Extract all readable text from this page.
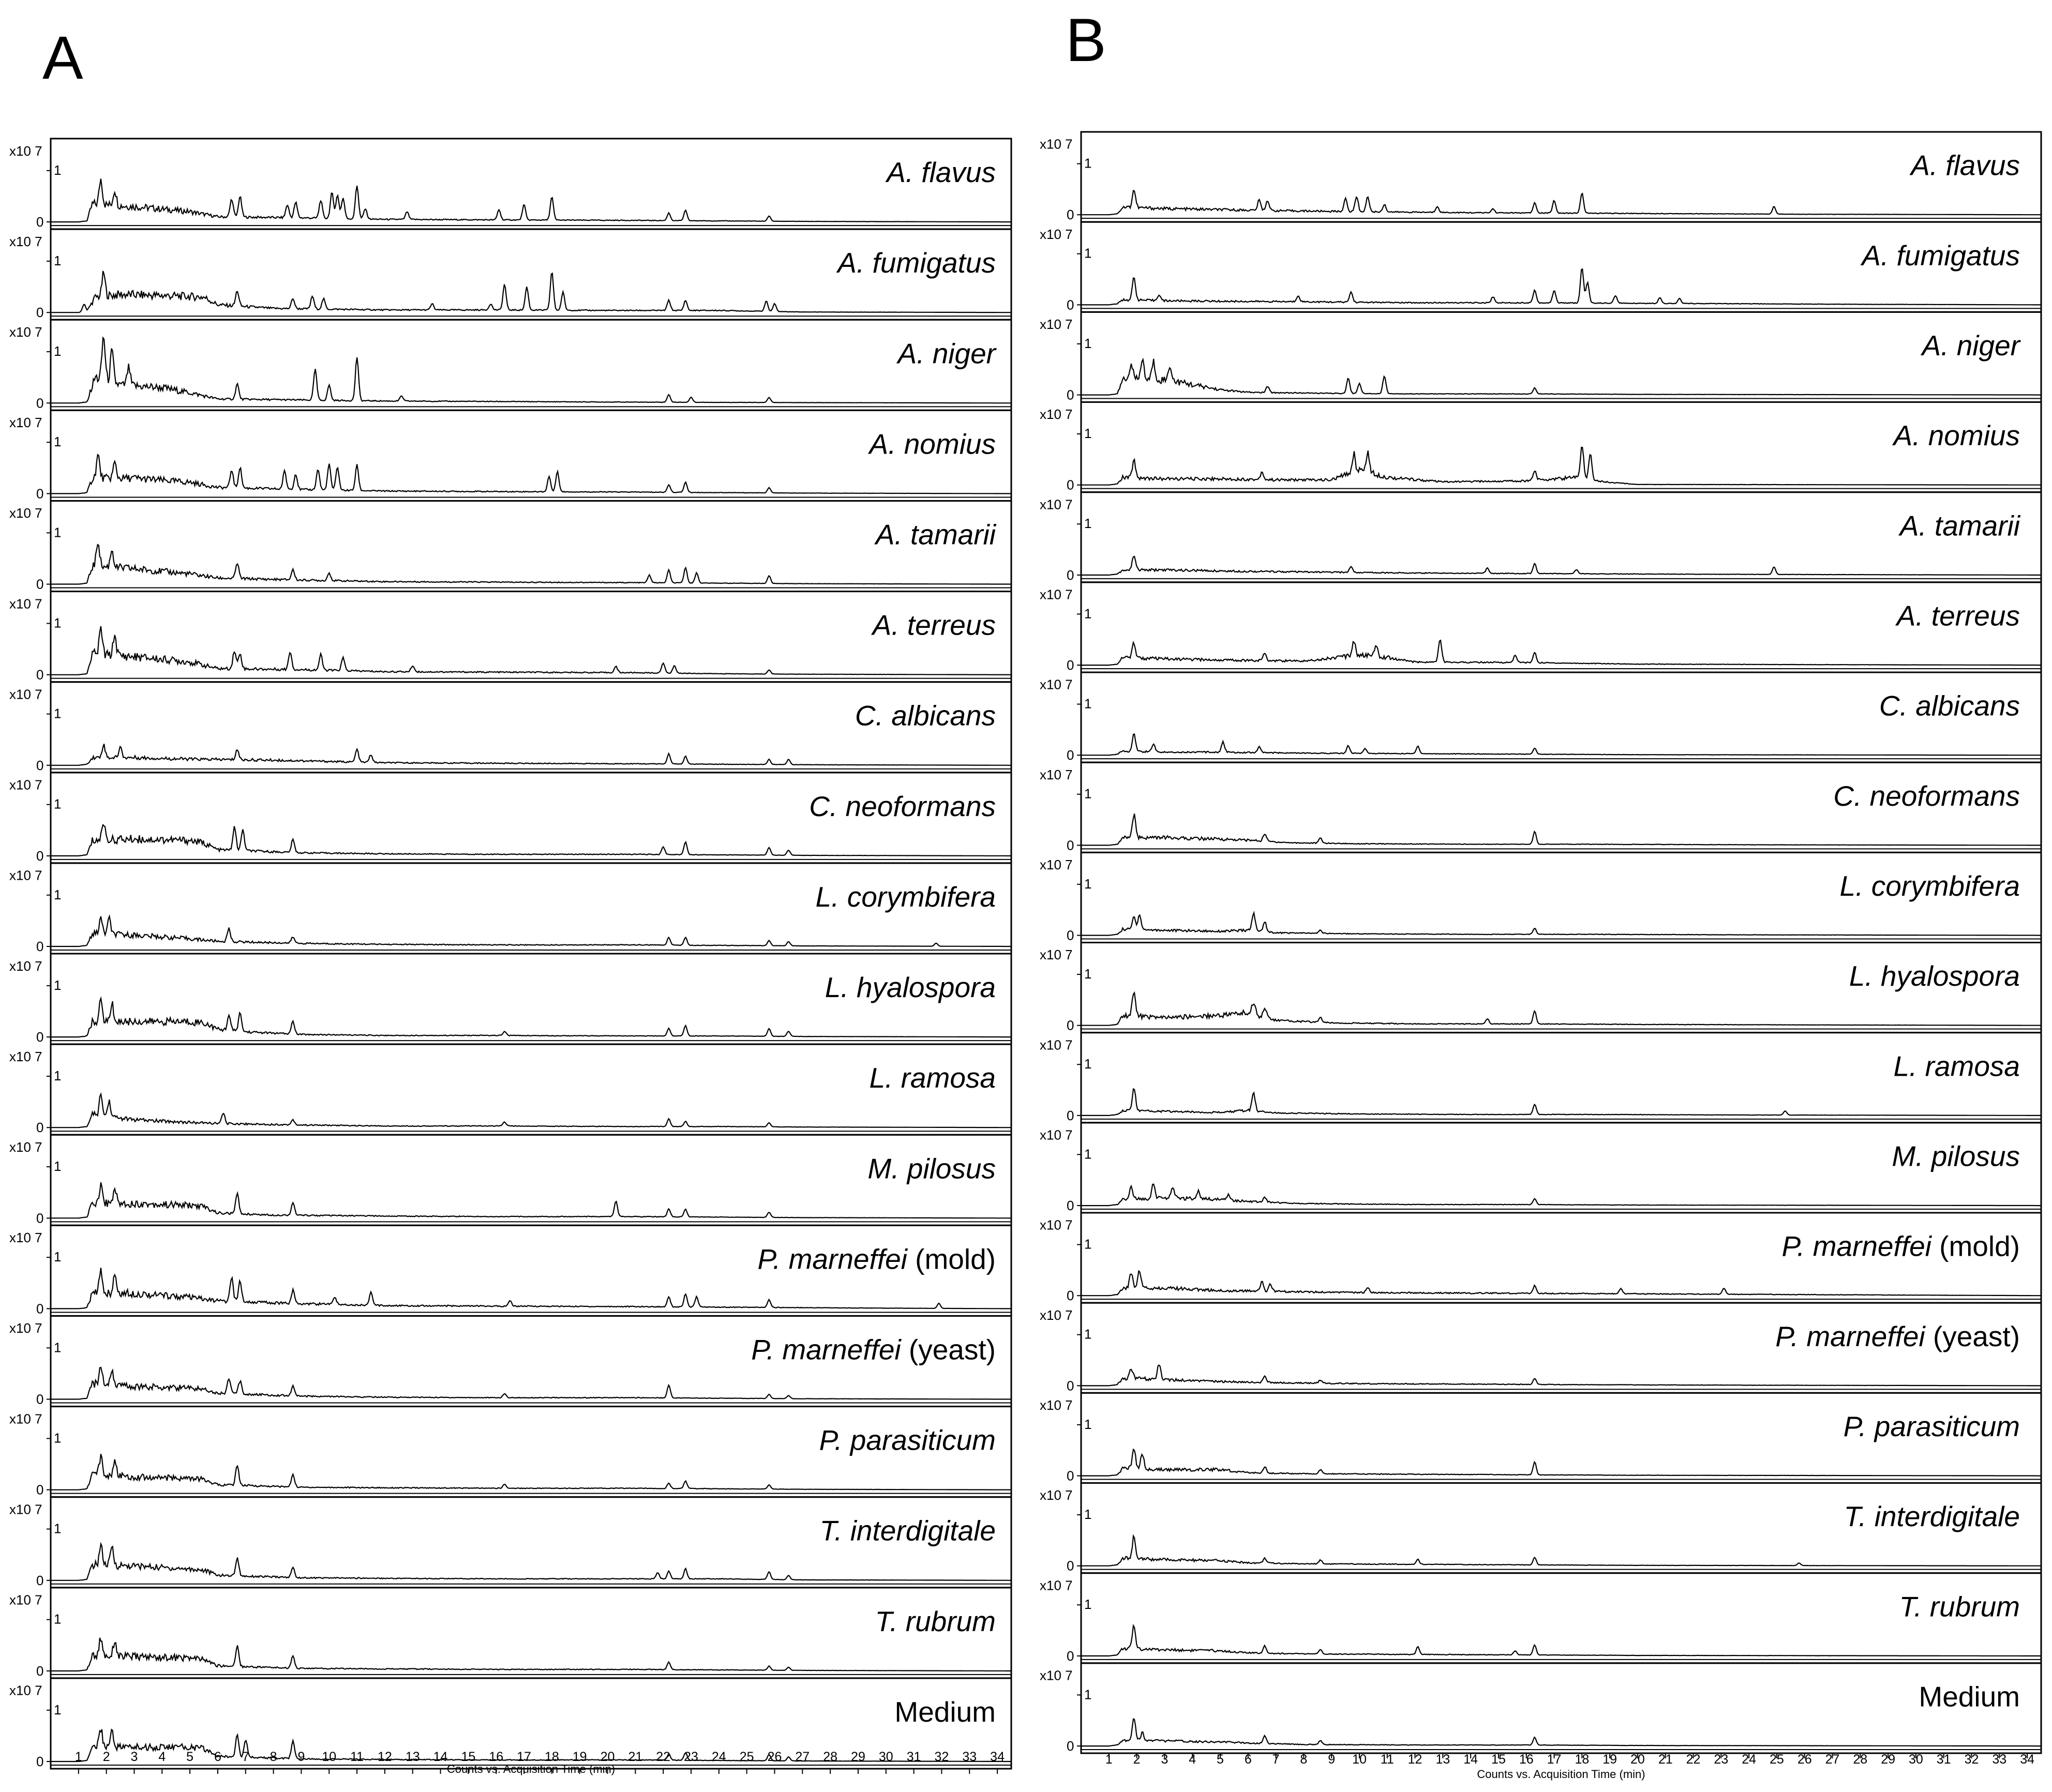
A	B
x10 7
1
0
A. flavus
x10 7
1
0
A. fumigatus
x10 7
1
0
A. niger
x10 7
1
0
A. nomius
x10 7
1
0
A. tamarii
x10 7
1
0
A. terreus
x10 7
1
0
C. albicans
x10 7
1
0
C. neoformans
x10 7
1
0
L. corymbifera
x10 7
1
0
L. hyalospora
x10 7
1
0
L. ramosa
x10 7
1
0
M. pilosus
x10 7
1
0
P. marneffei (mold)
x10 7
1
0
P. marneffei (yeast)
x10 7
1
0
P. parasiticum
x10 7
1
0
T. interdigitale
x10 7
1
0
T. rubrum
x10 7
1
0
Medium
1 2 3 4 5 6 7 8 9 10 11 12 13 14 15 16 17 18 19 20 21 22 23 24 25 26 27 28 29 30 31 32 33 34
Counts vs. Acquisition Time (min)
x10 7
1
0
A. flavus
x10 7
1
0
A. fumigatus
x10 7
1
0
A. niger
x10 7
1
0
A. nomius
x10 7
1
0
A. tamarii
x10 7
1
0
A. terreus
x10 7
1
0
C. albicans
x10 7
1
0
C. neoformans
x10 7
1
0
L. corymbifera
x10 7
1
0
L. hyalospora
x10 7
1
0
L. ramosa
x10 7
1
0
M. pilosus
x10 7
1
0
P. marneffei (mold)
x10 7
1
0
P. marneffei (yeast)
x10 7
1
0
P. parasiticum
x10 7
1
0
T. interdigitale
x10 7
1
0
T. rubrum
x10 7
1
0
Medium
1 2 3 4 5 6 7 8 9 10 11 12 13 14 15 16 17 18 19 20 21 22 23 24 25 26 27 28 29 30 31 32 33 34
Counts vs. Acquisition Time (min)
